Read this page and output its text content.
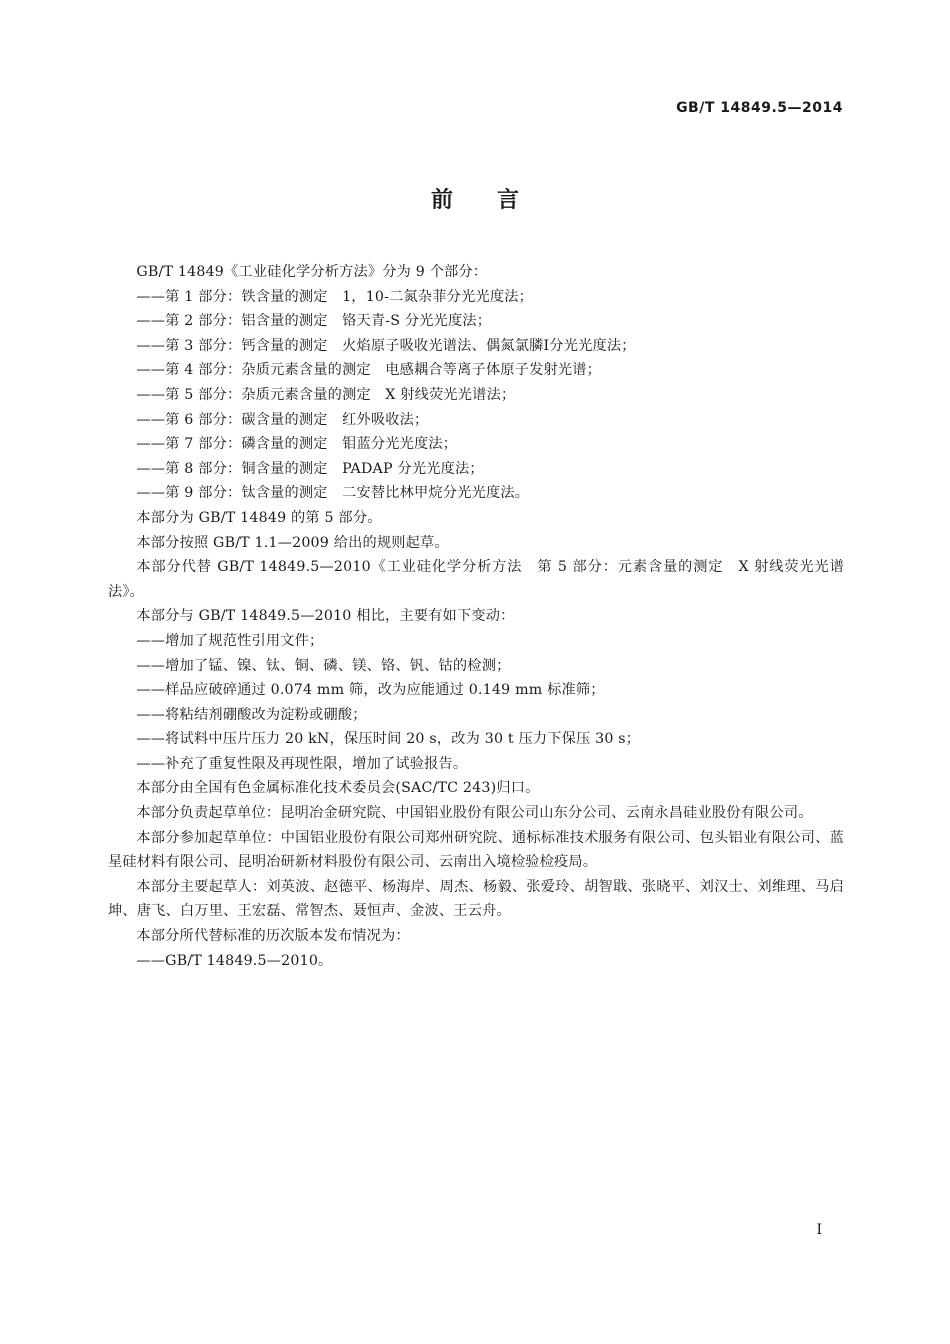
GB/T 14849.5—2014
前言

GB/T 14849《工业硅化学分析方法》分为 9 个部分：

——第 1 部分：铁含量的测定　1，10-二氮杂菲分光光度法；

——第 2 部分：铝含量的测定　铬天青-S 分光光度法；

——第 3 部分：钙含量的测定　火焰原子吸收光谱法、偶氮氯膦Ⅰ分光光度法；

——第 4 部分：杂质元素含量的测定　电感耦合等离子体原子发射光谱；

——第 5 部分：杂质元素含量的测定　X 射线荧光光谱法；

——第 6 部分：碳含量的测定　红外吸收法；

——第 7 部分：磷含量的测定　钼蓝分光光度法；

——第 8 部分：铜含量的测定　PADAP 分光光度法；

——第 9 部分：钛含量的测定　二安替比林甲烷分光光度法。

本部分为 GB/T 14849 的第 5 部分。

本部分按照 GB/T 1.1—2009 给出的规则起草。

本部分代替 GB/T 14849.5—2010《工业硅化学分析方法　第 5 部分：元素含量的测定　X 射线荧光光谱法》。

本部分与 GB/T 14849.5—2010 相比，主要有如下变动：

——增加了规范性引用文件；

——增加了锰、镍、钛、铜、磷、镁、铬、钒、钴的检测；

——样品应破碎通过 0.074 mm 筛，改为应能通过 0.149 mm 标准筛；

——将粘结剂硼酸改为淀粉或硼酸；

——将试料中压片压力 20 kN，保压时间 20 s，改为 30 t 压力下保压 30 s；

——补充了重复性限及再现性限，增加了试验报告。

本部分由全国有色金属标准化技术委员会(SAC/TC 243)归口。

本部分负责起草单位：昆明冶金研究院、中国铝业股份有限公司山东分公司、云南永昌硅业股份有限公司。

本部分参加起草单位：中国铝业股份有限公司郑州研究院、通标标准技术服务有限公司、包头铝业有限公司、蓝星硅材料有限公司、昆明冶研新材料股份有限公司、云南出入境检验检疫局。

本部分主要起草人：刘英波、赵德平、杨海岸、周杰、杨毅、张爱玲、胡智戢、张晓平、刘汉士、刘维理、马启坤、唐飞、白万里、王宏磊、常智杰、聂恒声、金波、王云舟。

本部分所代替标准的历次版本发布情况为：

——GB/T 14849.5—2010。

I
